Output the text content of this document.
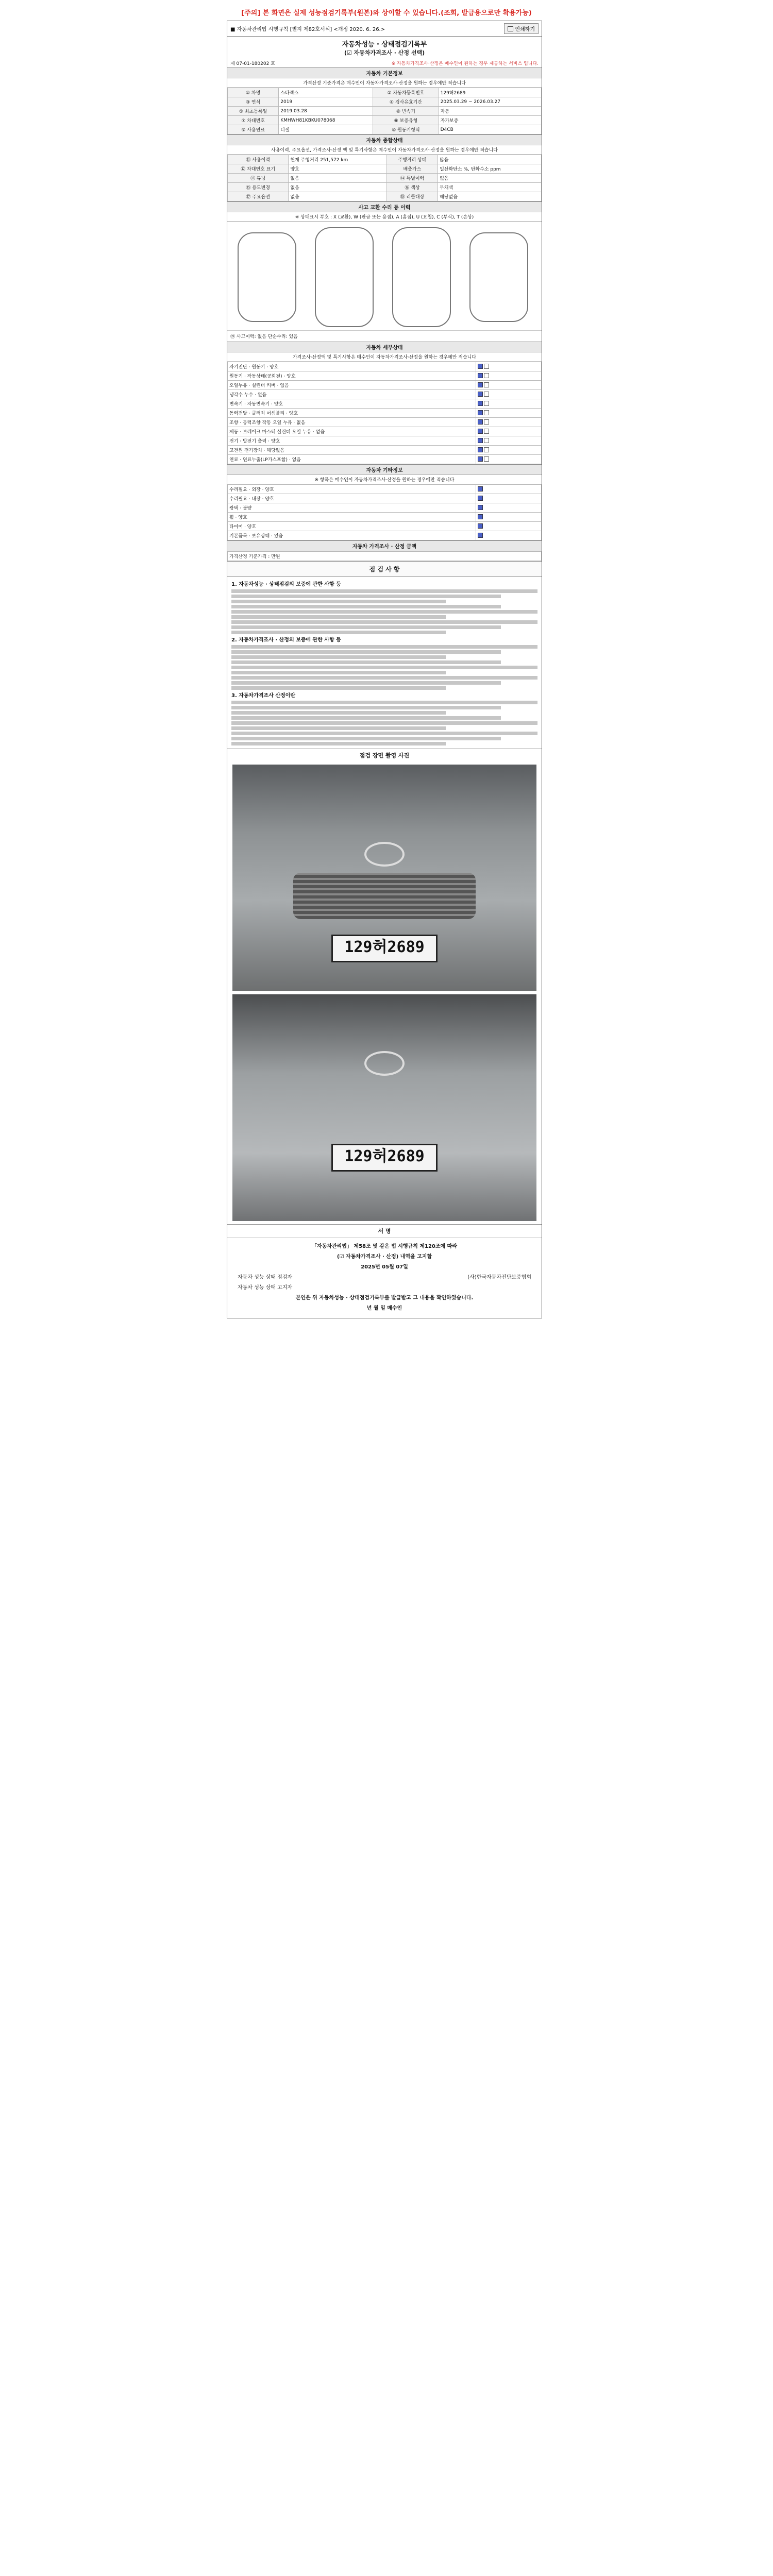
[주의] 본 화면은 실제 성능점검기록부(원본)와 상이할 수 있습니다.(조회, 발급용으로만 확용가능)
■ 자동차관리법 시행규칙 [별지 제82호서식] <개정 2020. 6. 26.>	인쇄하기
자동차성능 · 상태점검기록부
(☑ 자동차가격조사 · 산정 선택)
제 07-01-180202 호	※ 자동차가격조사·산정은 매수인이 원하는 경우 제공하는 서비스 입니다.
자동차 기본정보
가격산정 기준가격은 매수인이 자동차가격조사·산정을 원하는 경우에만 적습니다
① 차명	스타렉스	② 자동차등록번호	129허2689
③ 연식	2019	④ 검사유효기간	2025.03.29 ~ 2026.03.27
⑤ 최초등록일	2019.03.28	⑥ 변속기	자동
⑦ 차대번호	KMHWH81KBKU078068	⑧ 보증유형	자가보증
⑨ 사용연료	디젤	⑩ 원동기형식	D4CB
자동차 종합상태
사용이력, 주요옵션, 가격조사·산정 액 및 특기사항은 매수인이 자동차가격조사·산정을 원하는 경우에만 적습니다
⑪ 사용이력	현재 주행거리 251,572 km	주행거리 상태	많음
⑫ 차대번호 표기	양호	배출가스	일산화탄소 %, 탄화수소 ppm
⑬ 튜닝	없음	⑭ 특별이력	없음
⑮ 용도변경	없음	⑯ 색상	무채색
⑰ 주요옵션	없음	⑱ 리콜대상	해당없음
사고 교환 수리 등 이력
※ 상태표시 부호 : X (교환), W (판금 또는 용접), A (흠집), U (요철), C (부식), T (손상)
⑲ 사고이력: 없음 단순수리: 있음
자동차 세부상태
가격조사·산정액 및 특기사항은 매수인이 자동차가격조사·산정을 원하는 경우에만 적습니다
자기진단 · 원동기 · 양호	
원동기 · 작동상태(공회전) · 양호	
오일누유 · 실린더 커버 · 없음	
냉각수 누수 · 없음	
변속기 · 자동변속기 · 양호	
동력전달 · 클러치 어셈블리 · 양호	
조향 · 동력조향 작동 오일 누유 · 없음	
제동 · 브레이크 마스터 실린더 오일 누유 · 없음	
전기 · 발전기 출력 · 양호	
고전원 전기장치 · 해당없음	
연료 · 연료누출(LP가스포함) · 없음	
자동차 기타정보
※ 항목은 매수인이 자동차가격조사·산정을 원하는 경우에만 적습니다
수리필요 · 외장 · 양호	
수리필요 · 내장 · 양호	
광택 · 불량	
휠 · 양호	
타이어 · 양호	
기본품목 · 보유상태 · 있음	
자동차 가격조사 · 산정 금액
가격산정 기준가격 : 만원
점 검 사 항
1. 자동차성능 · 상태점검의 보증에 관한 사항 등
2. 자동차가격조사 · 산정의 보증에 관한 사항 등
3. 자동차가격조사 산정이란
점검 장면 촬영 사진
129허2689
129허2689
서 명
「자동차관리법」 제58조 및 같은 법 시행규칙 제120조에 따라
(☑ 자동차가격조사 · 산정) 내역을 고지함
2025년 05월 07일
자동차 성능 상태 점검자	(사)한국자동차진단보증협회
자동차 성능 상태 고지자
본인은 위 자동차성능 · 상태점검기록부를 발급받고 그 내용을 확인하였습니다.
년 월 일 매수인
